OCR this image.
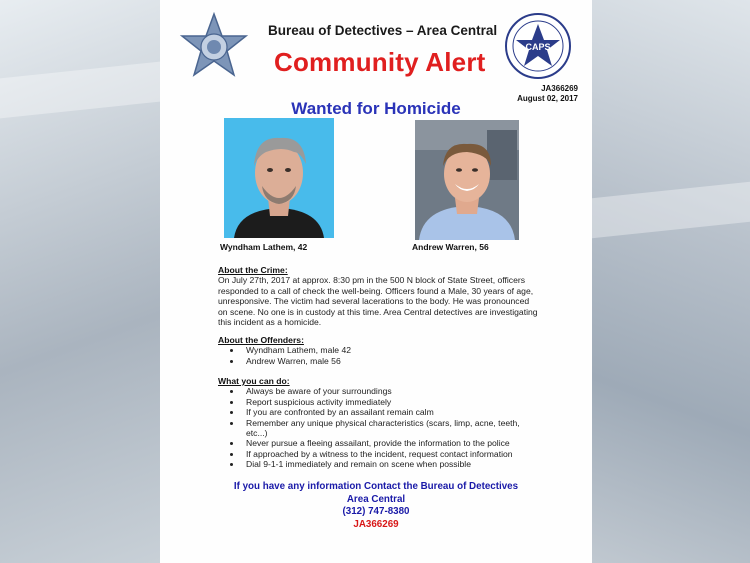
Bureau of Detectives – Area Central
Community Alert	CAPS
JA366269
August 02, 2017
Wanted for Homicide
Wyndham Lathem, 42	Andrew Warren, 56
About the Crime:
On July 27th, 2017 at approx. 8:30 pm in the 500 N block of State Street, officers
responded to a call of check the well-being. Officers found a Male, 30 years of age,
unresponsive. The victim had several lacerations to the body. He was pronounced
on scene. No one is in custody at this time. Area Central detectives are investigating
this incident as a homicide.
About the Offenders:
• Wyndham Lathem, male 42
• Andrew Warren, male 56
What you can do:
• Always be aware of your surroundings
• Report suspicious activity immediately
• If you are confronted by an assailant remain calm
• Remember any unique physical characteristics (scars, limp, acne, teeth,
etc...)
• Never pursue a fleeing assailant, provide the information to the police
• If approached by a witness to the incident, request contact information
• Dial 9-1-1 immediately and remain on scene when possible
If you have any information Contact the Bureau of Detectives
Area Central
(312) 747-8380
JA366269
